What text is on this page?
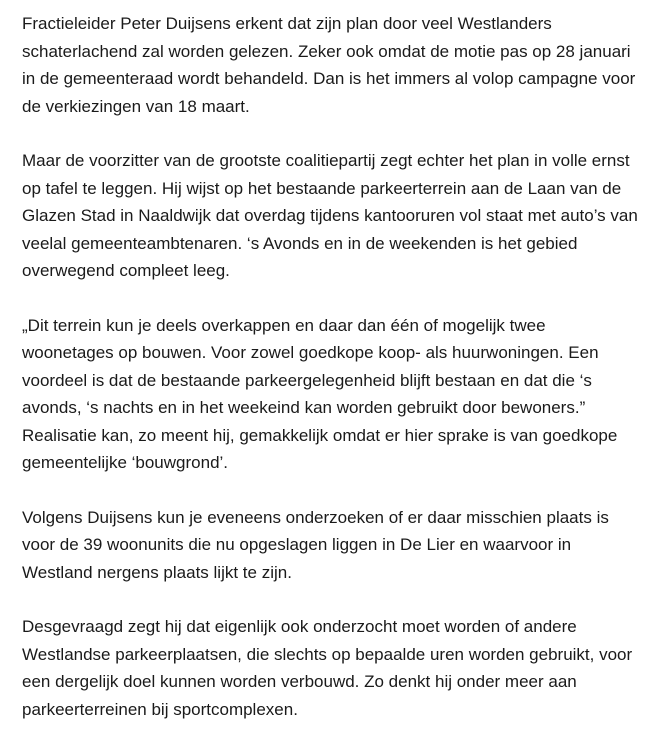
Fractieleider Peter Duijsens erkent dat zijn plan door veel Westlanders schaterlachend zal worden gelezen. Zeker ook omdat de motie pas op 28 januari in de gemeenteraad wordt behandeld. Dan is het immers al volop campagne voor de verkiezingen van 18 maart.

Maar de voorzitter van de grootste coalitiepartij zegt echter het plan in volle ernst op tafel te leggen. Hij wijst op het bestaande parkeerterrein aan de Laan van de Glazen Stad in Naaldwijk dat overdag tijdens kantooruren vol staat met auto’s van veelal gemeenteambtenaren. ‘s Avonds en in de weekenden is het gebied overwegend compleet leeg.

„Dit terrein kun je deels overkappen en daar dan één of mogelijk twee woonetages op bouwen. Voor zowel goedkope koop- als huurwoningen. Een voordeel is dat de bestaande parkeergelegenheid blijft bestaan en dat die ‘s avonds, ‘s nachts en in het weekeind kan worden gebruikt door bewoners.” Realisatie kan, zo meent hij, gemakkelijk omdat er hier sprake is van goedkope gemeentelijke ‘bouwgrond’.

Volgens Duijsens kun je eveneens onderzoeken of er daar misschien plaats is voor de 39 woonunits die nu opgeslagen liggen in De Lier en waarvoor in Westland nergens plaats lijkt te zijn.

Desgevraagd zegt hij dat eigenlijk ook onderzocht moet worden of andere Westlandse parkeerplaatsen, die slechts op bepaalde uren worden gebruikt, voor een dergelijk doel kunnen worden verbouwd. Zo denkt hij onder meer aan parkeerterreinen bij sportcomplexen.
